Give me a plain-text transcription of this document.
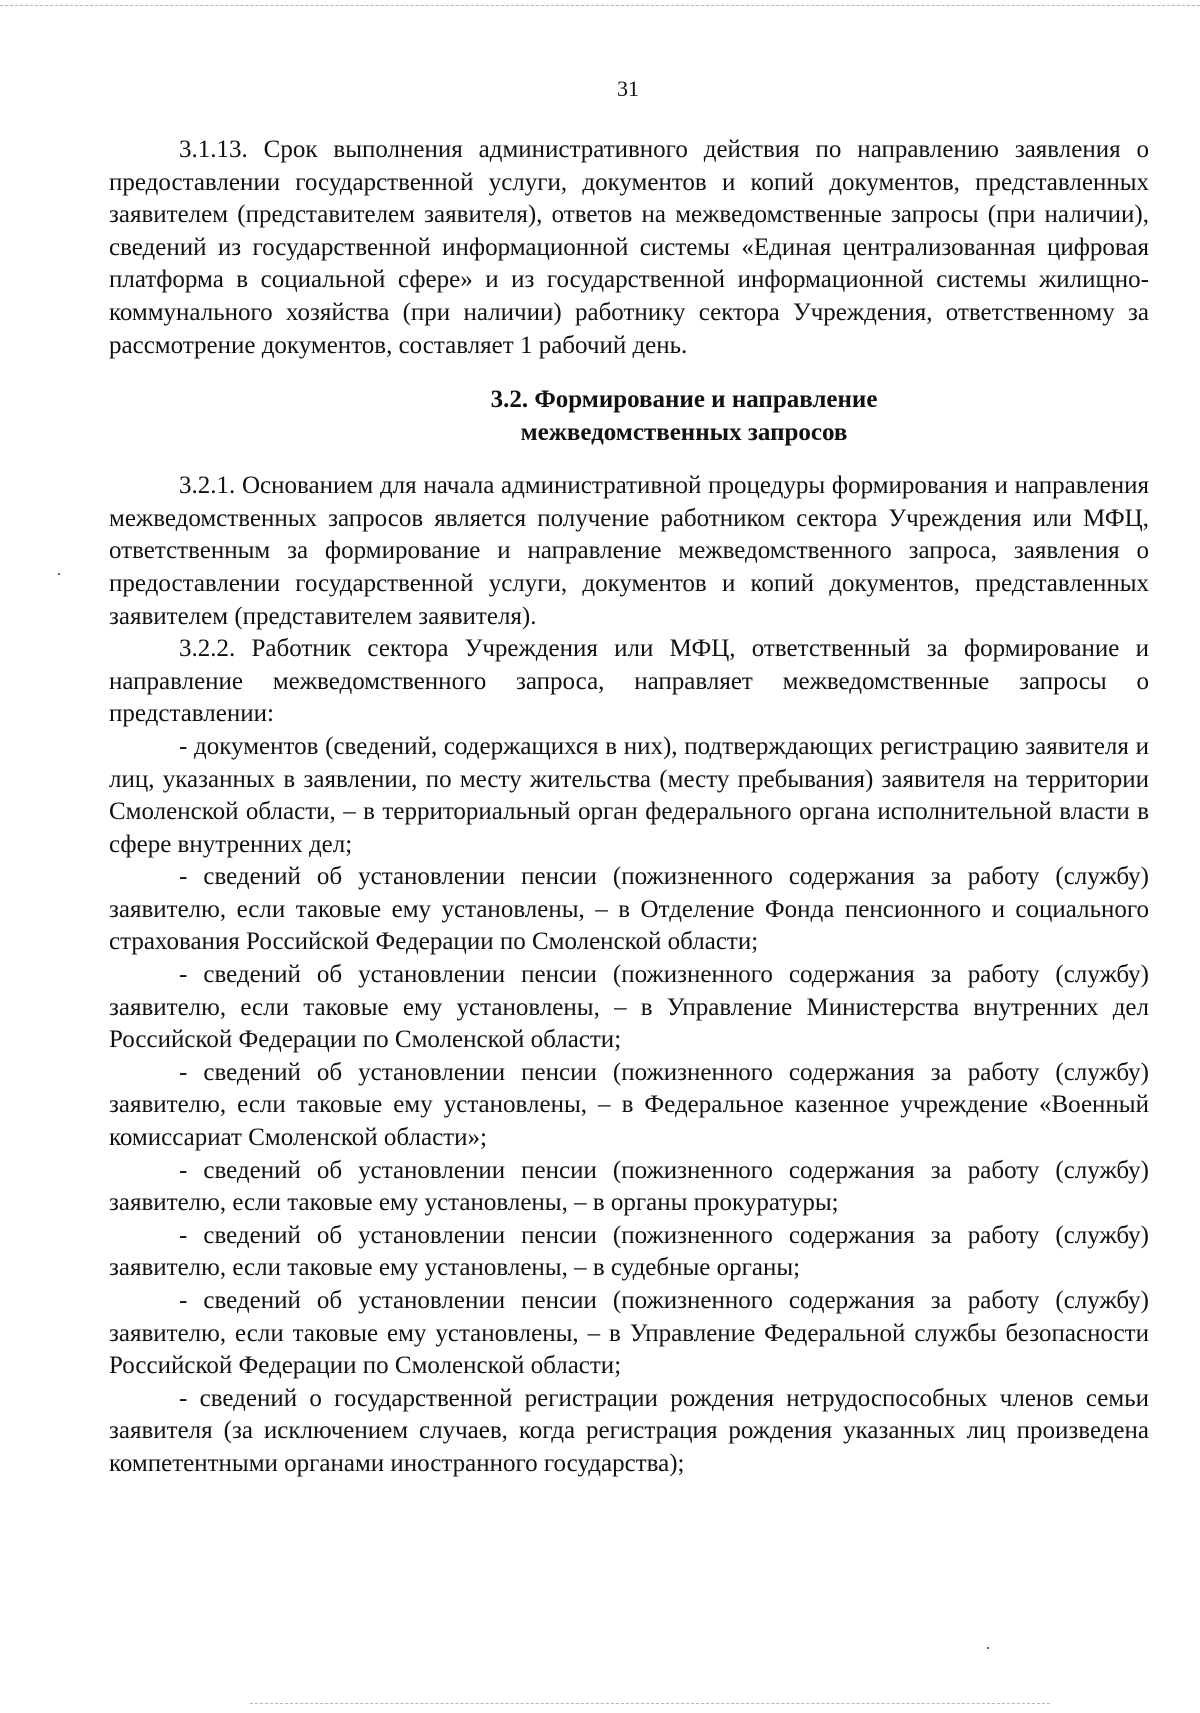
31

3.1.13. Срок выполнения административного действия по направлению заявления о предоставлении государственной услуги, документов и копий документов, представленных заявителем (представителем заявителя), ответов на межведомственные запросы (при наличии), сведений из государственной информационной системы «Единая централизованная цифровая платформа в социальной сфере» и из государственной информационной системы жилищно-коммунального хозяйства (при наличии) работнику сектора Учреждения, ответственному за рассмотрение документов, составляет 1 рабочий день.

3.2. Формирование и направление
межведомственных запросов

3.2.1. Основанием для начала административной процедуры формирования и направления межведомственных запросов является получение работником сектора Учреждения или МФЦ, ответственным за формирование и направление межведомственного запроса, заявления о предоставлении государственной услуги, документов и копий документов, представленных заявителем (представителем заявителя).

3.2.2. Работник сектора Учреждения или МФЦ, ответственный за формирование и направление межведомственного запроса, направляет межведомственные запросы о представлении:

- документов (сведений, содержащихся в них), подтверждающих регистрацию заявителя и лиц, указанных в заявлении, по месту жительства (месту пребывания) заявителя на территории Смоленской области, – в территориальный орган федерального органа исполнительной власти в сфере внутренних дел;

- сведений об установлении пенсии (пожизненного содержания за работу (службу) заявителю, если таковые ему установлены, – в Отделение Фонда пенсионного и социального страхования Российской Федерации по Смоленской области;

- сведений об установлении пенсии (пожизненного содержания за работу (службу) заявителю, если таковые ему установлены, – в Управление Министерства внутренних дел Российской Федерации по Смоленской области;

- сведений об установлении пенсии (пожизненного содержания за работу (службу) заявителю, если таковые ему установлены, – в Федеральное казенное учреждение «Военный комиссариат Смоленской области»;

- сведений об установлении пенсии (пожизненного содержания за работу (службу) заявителю, если таковые ему установлены, – в органы прокуратуры;

- сведений об установлении пенсии (пожизненного содержания за работу (службу) заявителю, если таковые ему установлены, – в судебные органы;

- сведений об установлении пенсии (пожизненного содержания за работу (службу) заявителю, если таковые ему установлены, – в Управление Федеральной службы безопасности Российской Федерации по Смоленской области;

- сведений о государственной регистрации рождения нетрудоспособных членов семьи заявителя (за исключением случаев, когда регистрация рождения указанных лиц произведена компетентными органами иностранного государства);
